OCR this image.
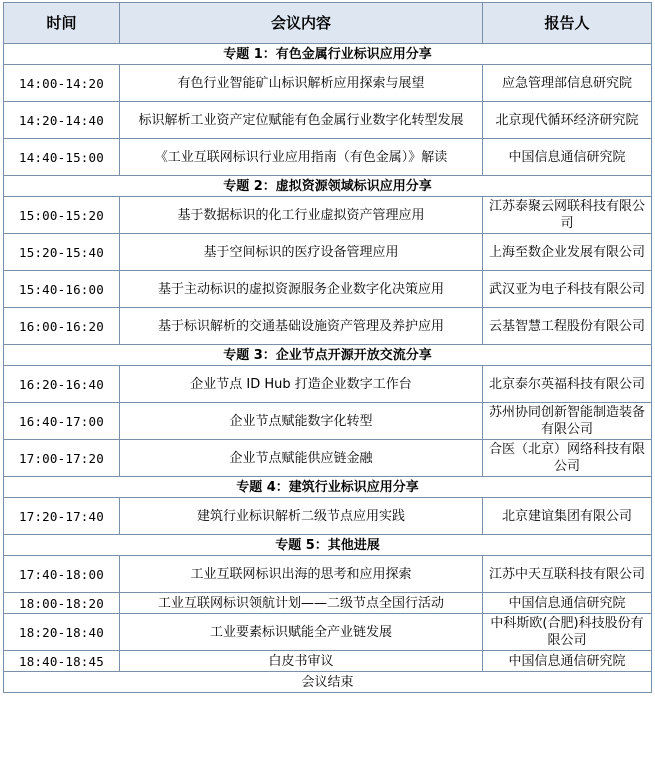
时间	会议内容	报告人
专题 1：有色金属行业标识应用分享		
14:00-14:20	有色行业智能矿山标识解析应用探索与展望	应急管理部信息研究院
14:20-14:40	标识解析工业资产定位赋能有色金属行业数字化转型发展	北京现代循环经济研究院
14:40-15:00	《工业互联网标识行业应用指南（有色金属）》解读	中国信息通信研究院
专题 2：虚拟资源领域标识应用分享		
15:00-15:20	基于数据标识的化工行业虚拟资产管理应用	江苏泰聚云网联科技有限公司
15:20-15:40	基于空间标识的医疗设备管理应用	上海至数企业发展有限公司
15:40-16:00	基于主动标识的虚拟资源服务企业数字化决策应用	武汉亚为电子科技有限公司
16:00-16:20	基于标识解析的交通基础设施资产管理及养护应用	云基智慧工程股份有限公司
专题 3：企业节点开源开放交流分享		
16:20-16:40	企业节点 ID Hub 打造企业数字工作台	北京泰尔英福科技有限公司
16:40-17:00	企业节点赋能数字化转型	苏州协同创新智能制造装备有限公司
17:00-17:20	企业节点赋能供应链金融	合医（北京）网络科技有限公司
专题 4：建筑行业标识应用分享		
17:20-17:40	建筑行业标识解析二级节点应用实践	北京建谊集团有限公司
专题 5：其他进展		
17:40-18:00	工业互联网标识出海的思考和应用探索	江苏中天互联科技有限公司
18:00-18:20	工业互联网标识领航计划——二级节点全国行活动	中国信息通信研究院
18:20-18:40	工业要素标识赋能全产业链发展	中科斯欧(合肥)科技股份有限公司
18:40-18:45	白皮书审议	中国信息通信研究院
会议结束		
